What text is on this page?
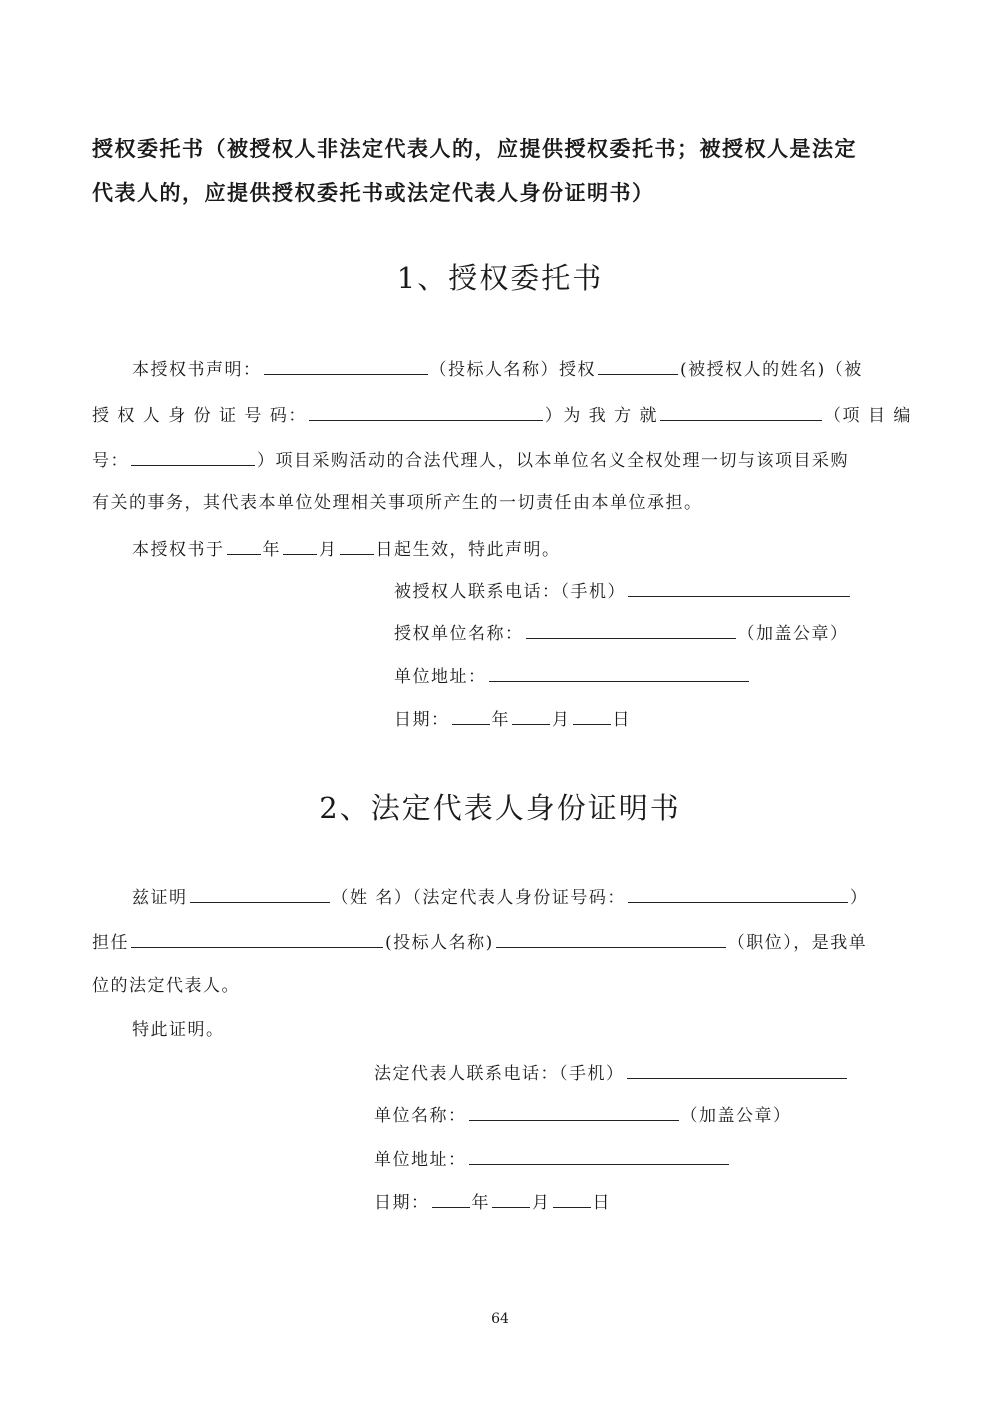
授权委托书（被授权人非法定代表人的，应提供授权委托书；被授权人是法定
代表人的，应提供授权委托书或法定代表人身份证明书）
1、授权委托书
本授权书声明：	（投标人名称）授权	(被授权人的姓名)（被
授 权 人 身 份 证 号 码：	）为 我 方 就	（项 目 编
号：	）项目采购活动的合法代理人，以本单位名义全权处理一切与该项目采购
有关的事务，其代表本单位处理相关事项所产生的一切责任由本单位承担。
本授权书于 年 月 日起生效，特此声明。
被授权人联系电话：（手机）
授权单位名称：	（加盖公章）
单位地址：
日期： 年 月 日
2、法定代表人身份证明书
兹证明	（姓 名）（法定代表人身份证号码：	）
担任	(投标人名称)	（职位），是我单
位的法定代表人。
特此证明。
法定代表人联系电话：（手机）
单位名称：	（加盖公章）
单位地址：
日期： 年 月 日
64
